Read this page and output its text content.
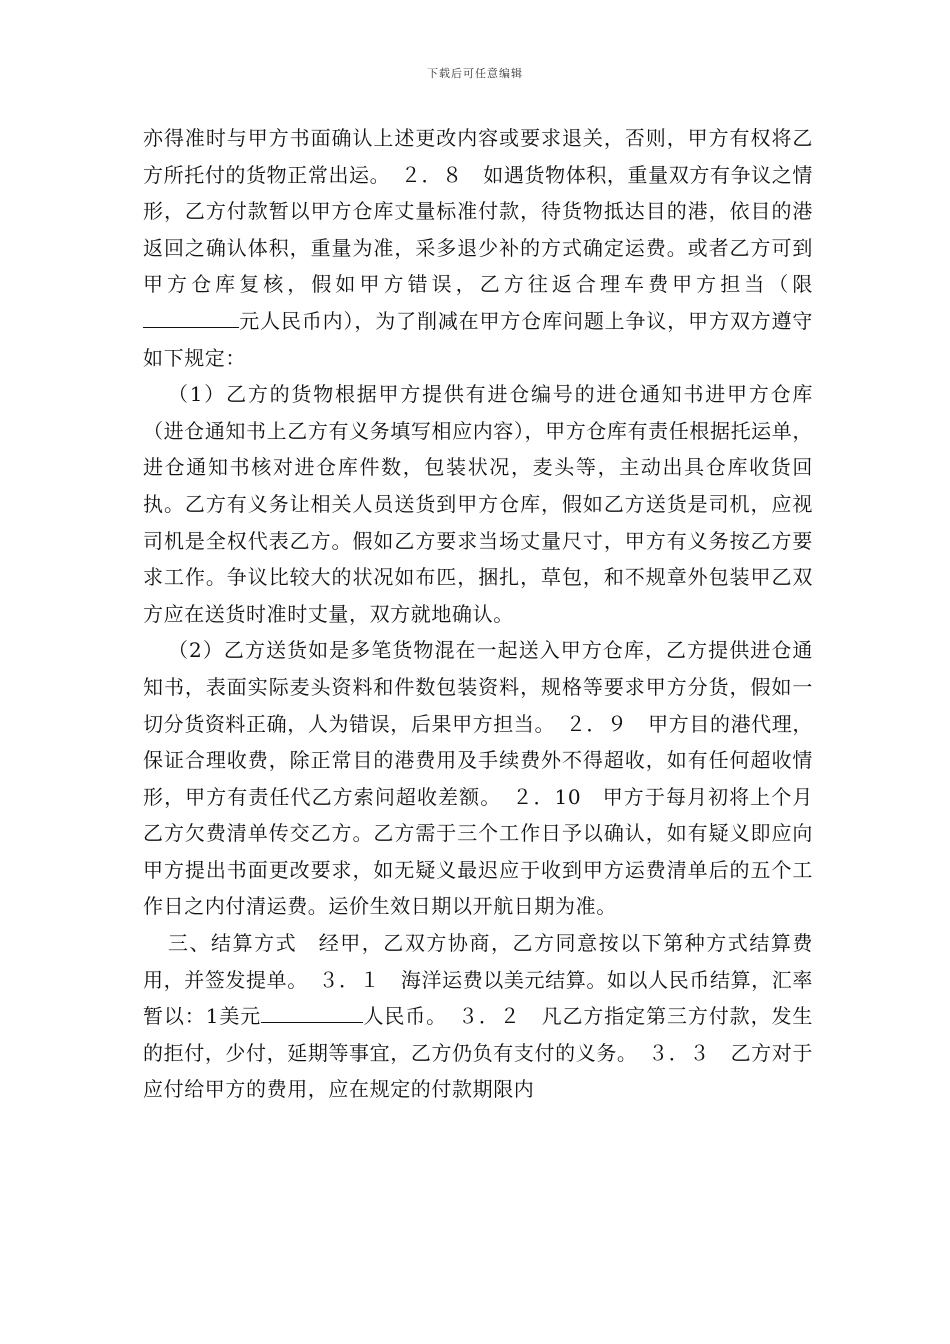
下载后可任意编辑

亦得准时与甲方书面确认上述更改内容或要求退关，否则，甲方有权将乙方所托付的货物正常出运。　２．８　如遇货物体积，重量双方有争议之情形，乙方付款暂以甲方仓库丈量标准付款，待货物抵达目的港，依目的港返回之确认体积，重量为准，采多退少补的方式确定运费。或者乙方可到甲方仓库复核，假如甲方错误，乙方往返合理车费甲方担当（限元人民币内），为了削减在甲方仓库问题上争议，甲方双方遵守如下规定：

（1）乙方的货物根据甲方提供有进仓编号的进仓通知书进甲方仓库（进仓通知书上乙方有义务填写相应内容），甲方仓库有责任根据托运单，进仓通知书核对进仓库件数，包装状况，麦头等，主动出具仓库收货回执。乙方有义务让相关人员送货到甲方仓库，假如乙方送货是司机，应视司机是全权代表乙方。假如乙方要求当场丈量尺寸，甲方有义务按乙方要求工作。争议比较大的状况如布匹，捆扎，草包，和不规章外包装甲乙双方应在送货时准时丈量，双方就地确认。

（2）乙方送货如是多笔货物混在一起送入甲方仓库，乙方提供进仓通知书，表面实际麦头资料和件数包装资料，规格等要求甲方分货，假如一切分货资料正确，人为错误，后果甲方担当。　２．９　甲方目的港代理，保证合理收费，除正常目的港费用及手续费外不得超收，如有任何超收情形，甲方有责任代乙方索问超收差额。　２．10　甲方于每月初将上个月乙方欠费清单传交乙方。乙方需于三个工作日予以确认，如有疑义即应向甲方提出书面更改要求，如无疑义最迟应于收到甲方运费清单后的五个工作日之内付清运费。运价生效日期以开航日期为准。

三、结算方式　经甲，乙双方协商，乙方同意按以下第种方式结算费用，并签发提单。　３．１　海洋运费以美元结算。如以人民币结算，汇率暂以：1美元	人民币。　３．２　凡乙方指定第三方付款，发生的拒付，少付，延期等事宜，乙方仍负有支付的义务。　３．３　乙方对于应付给甲方的费用，应在规定的付款期限内
